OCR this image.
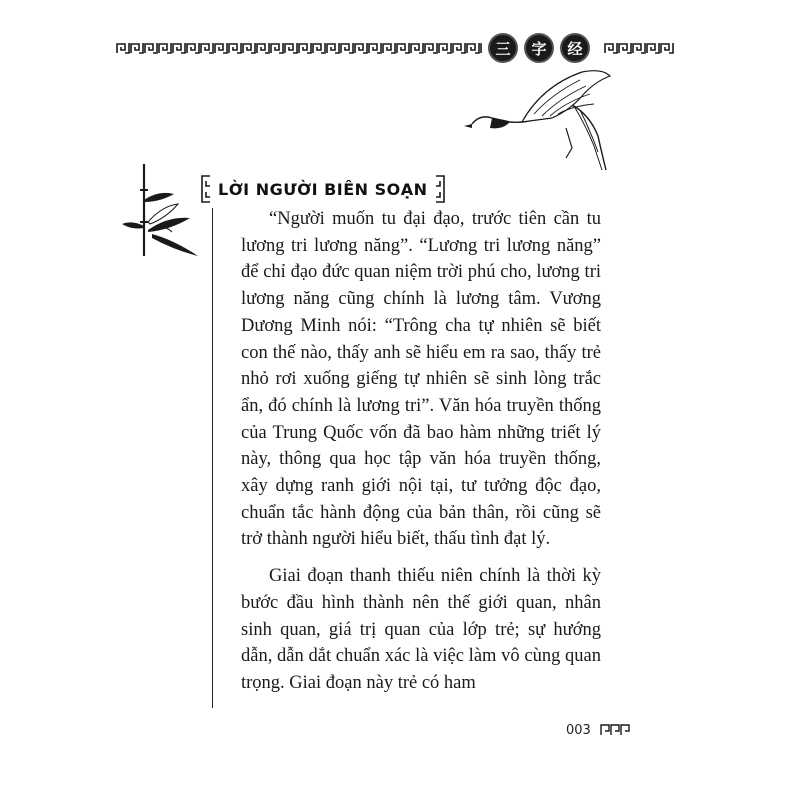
三	字	经
LỜI NGƯỜI BIÊN SOẠN

“Người muốn tu đại đạo, trước tiên cần tu lương tri lương năng”. “Lương tri lương năng” để chỉ đạo đức quan niệm trời phú cho, lương tri lương năng cũng chính là lương tâm. Vương Dương Minh nói: “Trông cha tự nhiên sẽ biết con thế nào, thấy anh sẽ hiểu em ra sao, thấy trẻ nhỏ rơi xuống giếng tự nhiên sẽ sinh lòng trắc ẩn, đó chính là lương tri”. Văn hóa truyền thống của Trung Quốc vốn đã bao hàm những triết lý này, thông qua học tập văn hóa truyền thống, xây dựng ranh giới nội tại, tư tưởng độc đạo, chuẩn tắc hành động của bản thân, rồi cũng sẽ trở thành người hiểu biết, thấu tình đạt lý.

Giai đoạn thanh thiếu niên chính là thời kỳ bước đầu hình thành nên thế giới quan, nhân sinh quan, giá trị quan của lớp trẻ; sự hướng dẫn, dẫn dắt chuẩn xác là việc làm vô cùng quan trọng. Giai đoạn này trẻ có ham

003
